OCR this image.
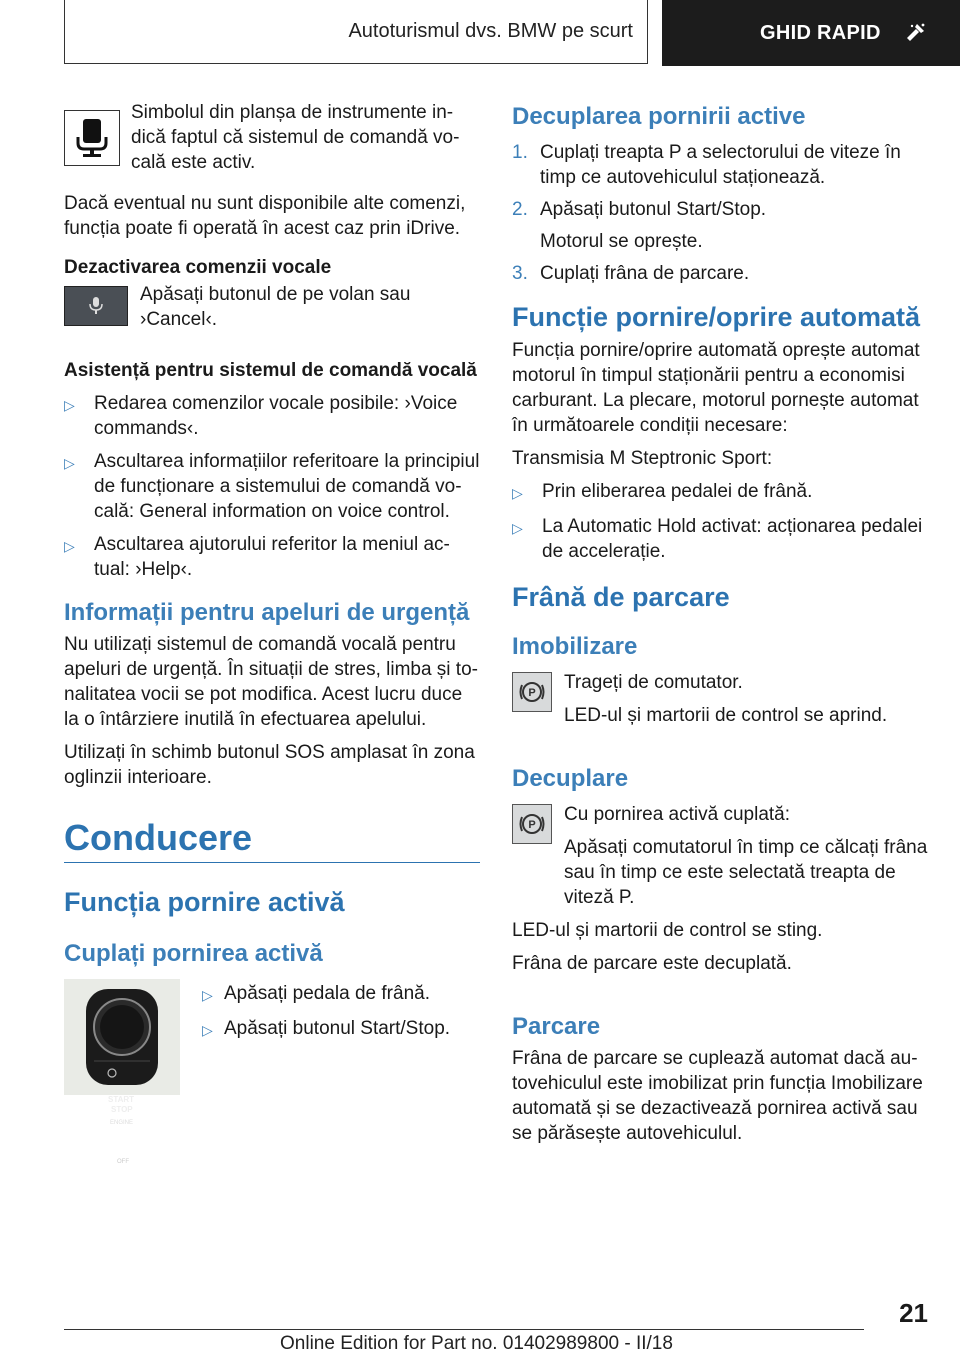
Autoturismul dvs. BMW pe scurt	GHID RAPID

Simbolul din planșa de instrumente in-dică faptul că sistemul de comandă vo-cală este activ.

Dacă eventual nu sunt disponibile alte comenzi, funcția poate fi operată în acest caz prin iDrive.

Dezactivarea comenzii vocale

Apăsați butonul de pe volan sau ›Cancel‹.

Asistență pentru sistemul de comandă vocală

▷	Redarea comenzilor vocale posibile: ›Voice commands‹.
▷	Ascultarea informațiilor referitoare la principiul de funcționare a sistemului de comandă vo-cală: General information on voice control.
▷	Ascultarea ajutorului referitor la meniul ac-tual: ›Help‹.

Informații pentru apeluri de urgență

Nu utilizați sistemul de comandă vocală pentru apeluri de urgență. În situații de stres, limba și to-nalitatea vocii se pot modifica. Acest lucru duce la o întârziere inutilă în efectuarea apelului.

Utilizați în schimb butonul SOS amplasat în zona oglinzii interioare.

Conducere

Funcția pornire activă

Cuplați pornirea activă

▷ Apăsați pedala de frână.
▷ Apăsați butonul Start/Stop.
START
STOP
ENGINE
OFF

Decuplarea pornirii active

1. Cuplați treapta P a selectorului de viteze în timp ce autovehiculul staționează.
2. Apăsați butonul Start/Stop.

Motorul se oprește.

3. Cuplați frâna de parcare.

Funcție pornire/oprire automată

Funcția pornire/oprire automată oprește automat motorul în timpul staționării pentru a economisi carburant. La plecare, motorul pornește automat în următoarele condiții necesare:

Transmisia M Steptronic Sport:

▷	Prin eliberarea pedalei de frână.
▷	La Automatic Hold activat: acționarea pedalei de accelerație.

Frână de parcare

Imobilizare

P Trageți de comutator.

LED-ul și martorii de control se aprind.

Decuplare

P Cu pornirea activă cuplată:

Apăsați comutatorul în timp ce călcați frâna sau în timp ce este selectată treapta de viteză P.

LED-ul și martorii de control se sting.

Frâna de parcare este decuplată.

Parcare

Frâna de parcare se cuplează automat dacă au-tovehiculul este imobilizat prin funcția Imobilizare automată și se dezactivează pornirea activă sau se părăsește autovehiculul.

21
Online Edition for Part no. 01402989800 - II/18
